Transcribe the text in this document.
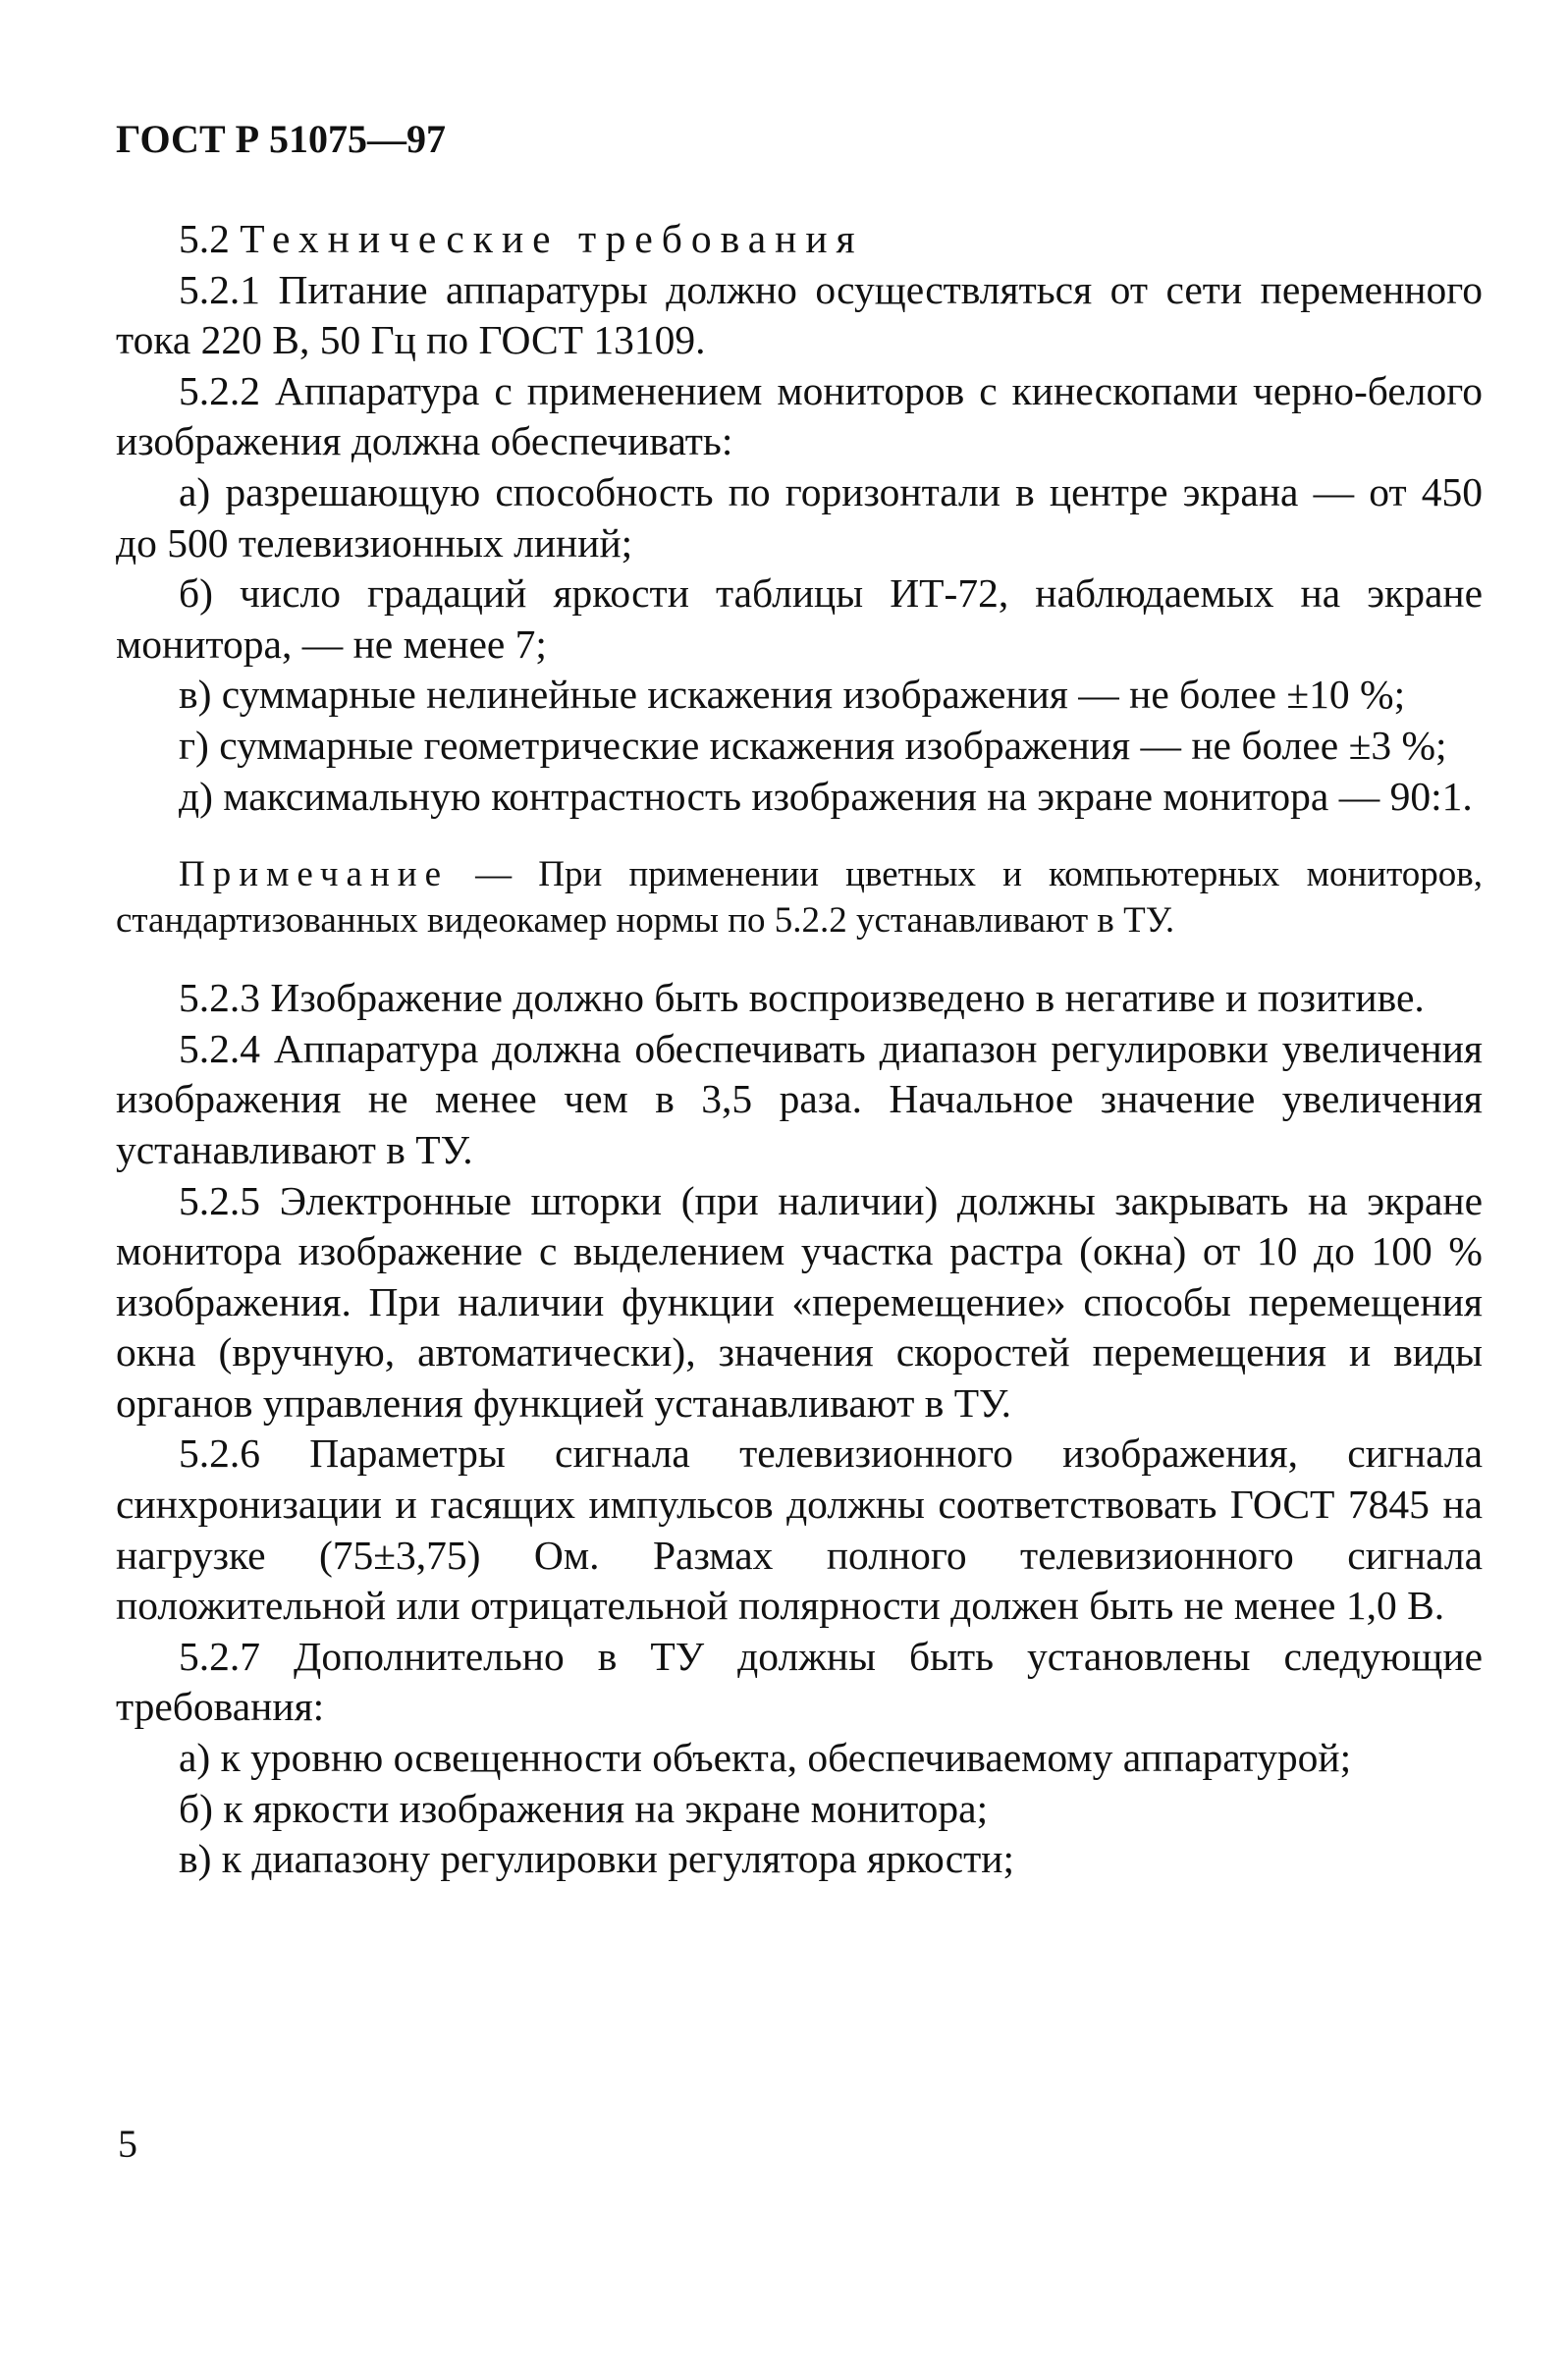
ГОСТ Р 51075—97

5.2 Технические требования

5.2.1 Питание аппаратуры должно осуществляться от сети переменного тока 220 В, 50 Гц по ГОСТ 13109.

5.2.2 Аппаратура с применением мониторов с кинескопами черно-белого изображения должна обеспечивать:

а) разрешающую способность по горизонтали в центре экрана — от 450 до 500 телевизионных линий;

б) число градаций яркости таблицы ИТ-72, наблюдаемых на экране монитора, — не менее 7;

в) суммарные нелинейные искажения изображения — не более ±10 %;

г) суммарные геометрические искажения изображения — не более ±3 %;

д) максимальную контрастность изображения на экране монитора — 90:1.

Примечание — При применении цветных и компьютерных мониторов, стандартизованных видеокамер нормы по 5.2.2 устанавливают в ТУ.

5.2.3 Изображение должно быть воспроизведено в негативе и позитиве.

5.2.4 Аппаратура должна обеспечивать диапазон регулировки увеличения изображения не менее чем в 3,5 раза. Начальное значение увеличения устанавливают в ТУ.

5.2.5 Электронные шторки (при наличии) должны закрывать на экране монитора изображение с выделением участка растра (окна) от 10 до 100 % изображения. При наличии функции «перемещение» способы перемещения окна (вручную, автоматически), значения скоростей перемещения и виды органов управления функцией устанавливают в ТУ.

5.2.6 Параметры сигнала телевизионного изображения, сигнала синхронизации и гасящих импульсов должны соответствовать ГОСТ 7845 на нагрузке (75±3,75) Ом. Размах полного телевизионного сигнала положительной или отрицательной полярности должен быть не менее 1,0 В.

5.2.7 Дополнительно в ТУ должны быть установлены следующие требования:

а) к уровню освещенности объекта, обеспечиваемому аппаратурой;

б) к яркости изображения на экране монитора;

в) к диапазону регулировки регулятора яркости;

5
